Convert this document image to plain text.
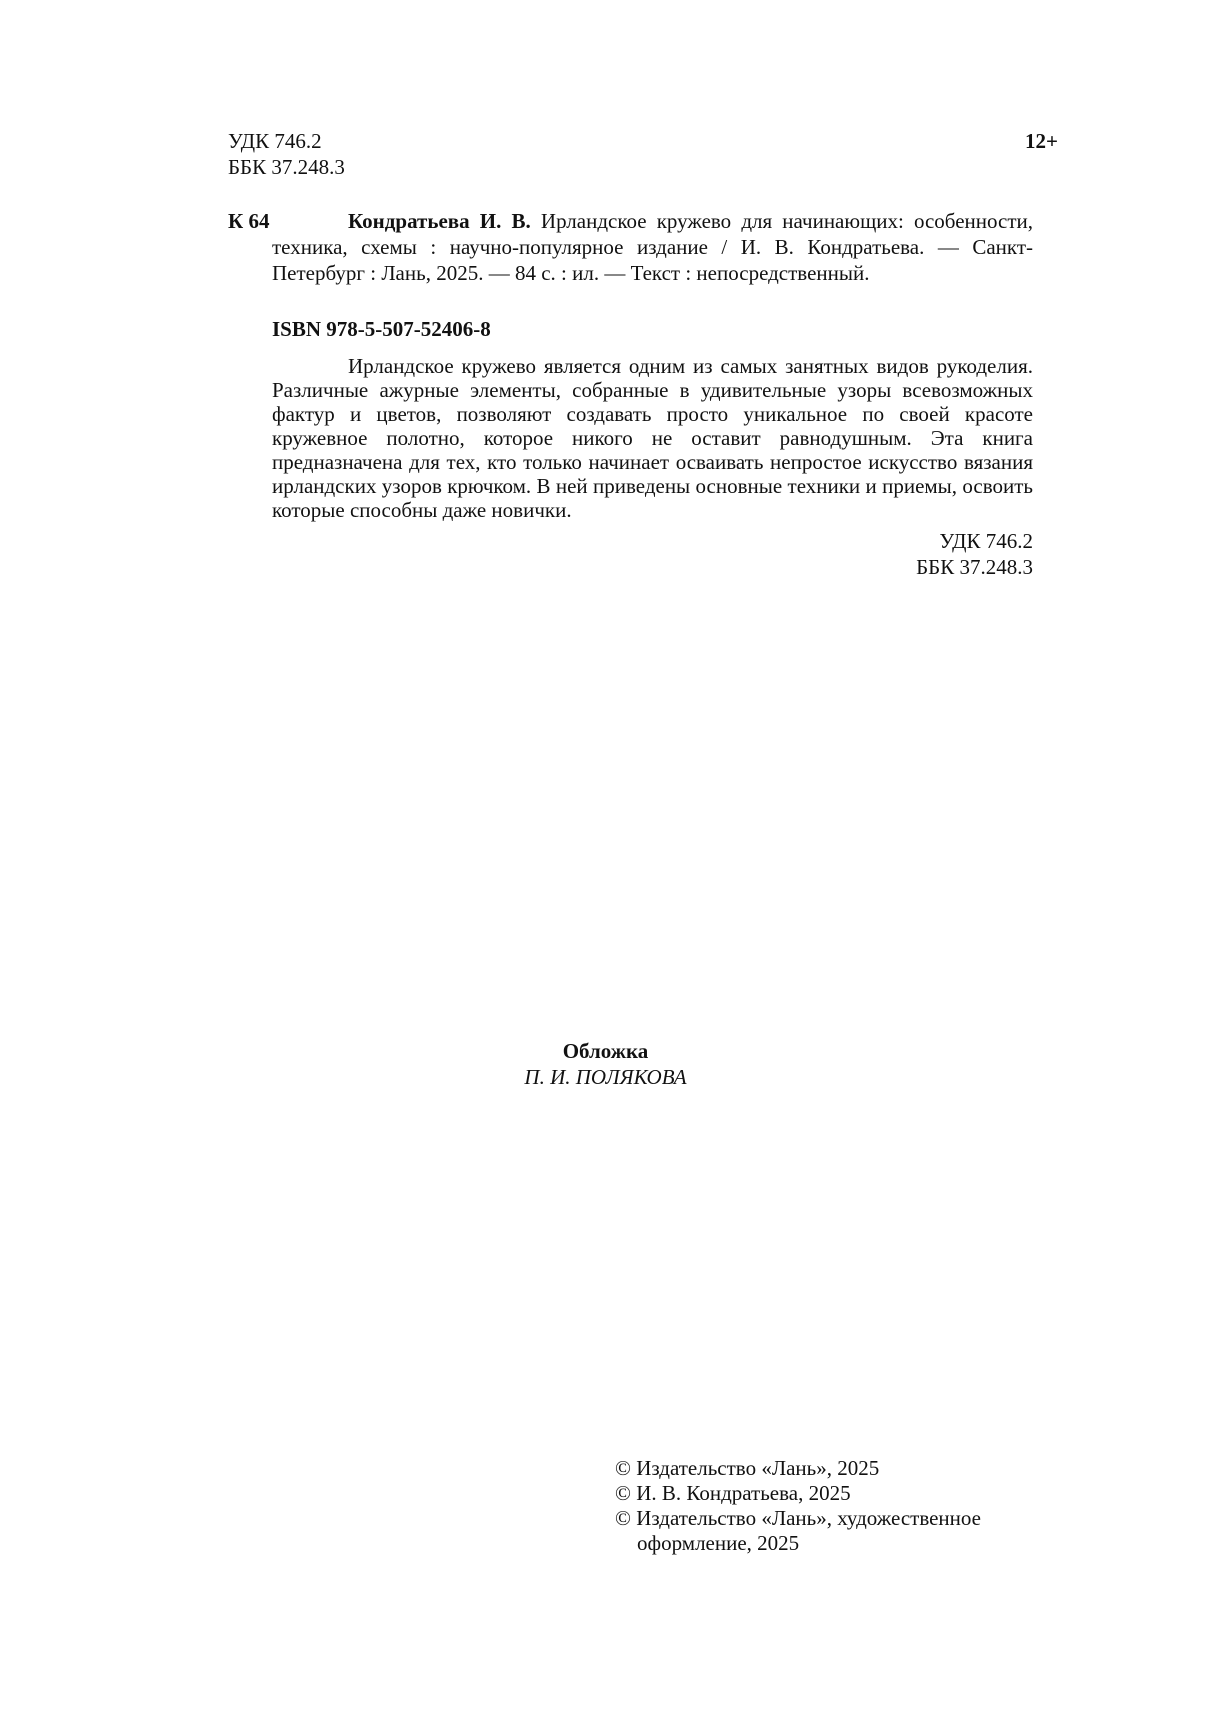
УДК 746.2
ББК 37.248.3
12+
К 64	Кондратьева И. В. Ирландское кружево для начинающих: особенности, техника, схемы : научно-популярное издание / И. В. Кондратьева. — Санкт-Петербург : Лань, 2025. — 84 с. : ил. — Текст : непосредственный.

ISBN 978-5-507-52406-8

Ирландское кружево является одним из самых занятных видов рукоделия. Различные ажурные элементы, собранные в удивительные узоры всевозможных фактур и цветов, позволяют создавать просто уникальное по своей красоте кружевное полотно, которое никого не оставит равнодушным. Эта книга предназначена для тех, кто только начинает осваивать непростое искусство вязания ирландских узоров крючком. В ней приведены основные техники и приемы, освоить которые способны даже новички.

УДК 746.2
ББК 37.248.3
Обложка
П. И. ПОЛЯКОВА
© Издательство «Лань», 2025
© И. В. Кондратьева, 2025
© Издательство «Лань», художественное оформление, 2025
